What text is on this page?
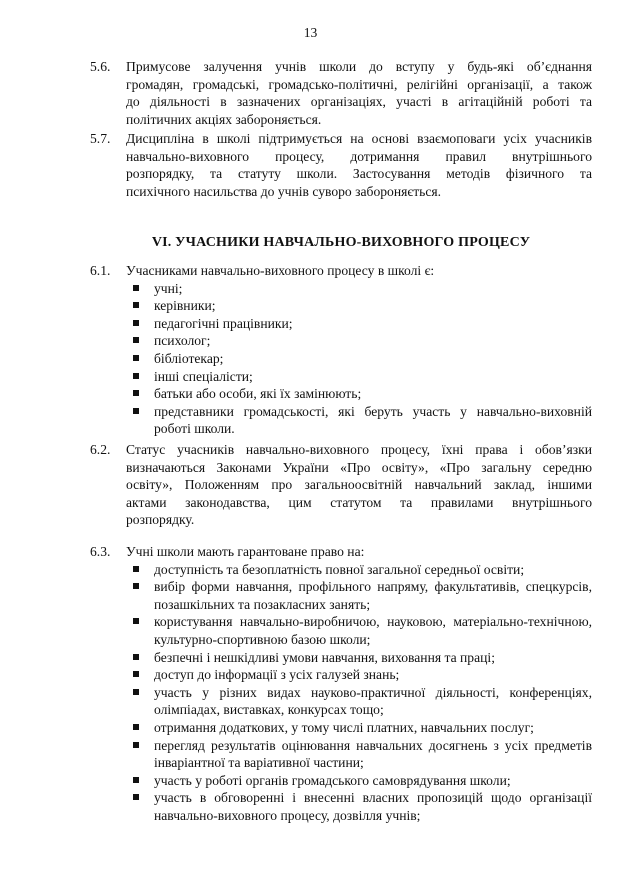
13
5.6.	Примусове залучення учнів школи до вступу у будь-які об’єднання
громадян, громадські, громадсько-політичні, релігійні організації, а також
до діяльності в зазначених організаціях, участі в агітаційній роботі та
політичних акціях забороняється.
5.7.	Дисципліна в школі підтримується на основі взаємоповаги усіх учасників
навчально-виховного процесу, дотримання правил внутрішнього
розпорядку, та статуту школи. Застосування методів фізичного та
психічного насильства до учнів суворо забороняється.
VI. УЧАСНИКИ НАВЧАЛЬНО-ВИХОВНОГО ПРОЦЕСУ
6.1.	Учасниками навчально-виховного процесу в школі є:
учні;
керівники;
педагогічні працівники;
психолог;
бібліотекар;
інші спеціалісти;
батьки або особи, які їх замінюють;
представники громадськості, які беруть участь у навчально-виховній роботі школи.
6.2.	Статус учасників навчально-виховного процесу, їхні права і обов’язки
визначаються Законами України «Про освіту», «Про загальну середню
освіту», Положенням про загальноосвітній навчальний заклад, іншими
актами законодавства, цим статутом та правилами внутрішнього
розпорядку.
6.3.	Учні школи мають гарантоване право на:
доступність та безоплатність повної загальної середньої освіти;
вибір форми навчання, профільного напряму, факультативів, спецкурсів, позашкільних та позакласних занять;
користування навчально-виробничою, науковою, матеріально-технічною, культурно-спортивною базою школи;
безпечні і нешкідливі умови навчання, виховання та праці;
доступ до інформації з усіх галузей знань;
участь у різних видах науково-практичної діяльності, конференціях, олімпіадах, виставках, конкурсах тощо;
отримання додаткових, у тому числі платних, навчальних послуг;
перегляд результатів оцінювання навчальних досягнень з усіх предметів інваріантної та варіативної частини;
участь у роботі органів громадського самоврядування школи;
участь в обговоренні і внесенні власних пропозицій щодо організації навчально-виховного процесу, дозвілля учнів;
